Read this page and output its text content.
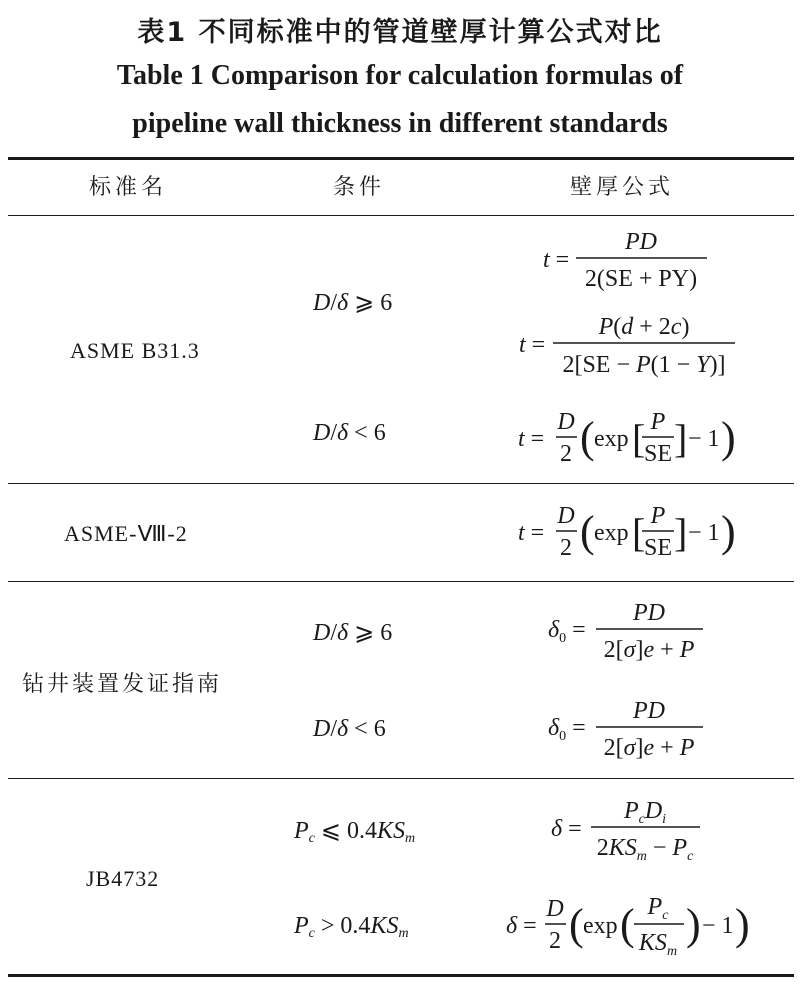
表1 不同标准中的管道壁厚计算公式对比
Table 1 Comparison for calculation formulas of
pipeline wall thickness in different standards
标准名	条件	壁厚公式
ASME B31.3
D/δ ⩾ 6
D/δ < 6
t =
PD
2(SE + PY)
t =
P(d + 2c)
2[SE − P(1 − Y)]
t =
D
2 ( exp [ P
SE ] − 1 )
t =
D
2 ( exp [ P
SE ] − 1 )
$\delta_0$ =
PD
2[σ]e + P
$\delta_0$ =
PD
2[σ]e + P
δ =
$P_cD_i$
$2KS_m - P_c$
δ =
D
2 ( exp ( $P_c$
$KS_m$
) − 1 )
ASME-Ⅷ-2
钻井装置发证指南
D/δ ⩾ 6
D/δ < 6
JB4732
$P_c$ ⩽ $0.4KS_m$
$P_c > 0.4KS_m$
